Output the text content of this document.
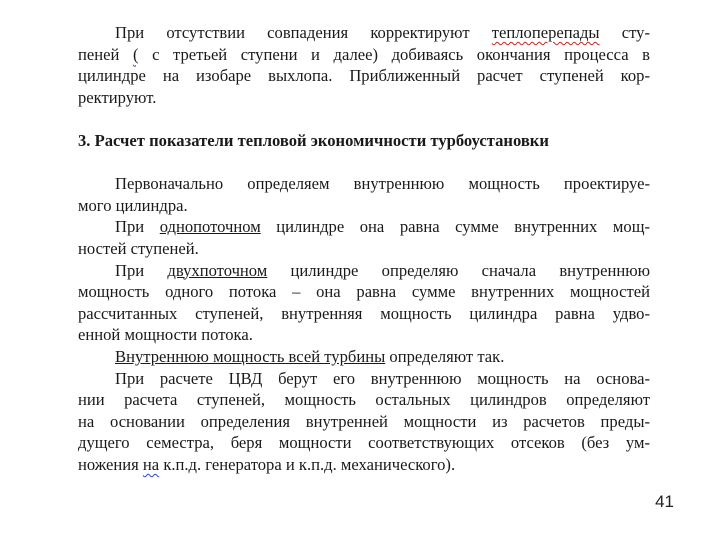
При отсутствии совпадения корректируют теплоперепады сту-
пеней ( с третьей ступени и далее) добиваясь окончания процесса в
цилиндре на изобаре выхлопа. Приближенный расчет ступеней кор-
ректируют.
3. Расчет показатели тепловой экономичности турбоустановки
Первоначально определяем внутреннюю мощность проектируе-
мого цилиндра.
При однопоточном цилиндре она равна сумме внутренних мощ-
ностей ступеней.
При двухпоточном цилиндре определяю сначала внутреннюю
мощность одного потока – она равна сумме внутренних мощностей
рассчитанных ступеней, внутренняя мощность цилиндра равна удво-
енной мощности потока.
Внутреннюю мощность всей турбины определяют так.
При расчете ЦВД берут его внутреннюю мощность на основа-
нии расчета ступеней, мощность остальных цилиндров определяют
на основании определения внутренней мощности из расчетов преды-
дущего семестра, беря мощности соответствующих отсеков (без ум-
ножения на к.п.д. генератора и к.п.д. механического).
41
